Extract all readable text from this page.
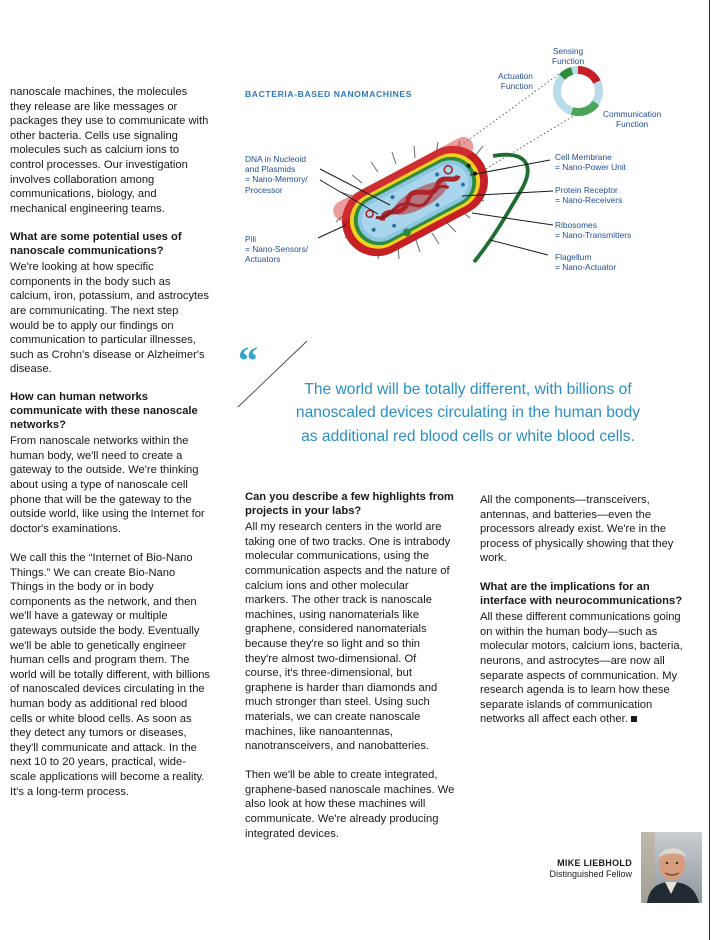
nanoscale machines, the molecules they release are like messages or packages they use to communicate with other bacteria. Cells use signaling molecules such as calcium ions to control processes. Our investigation involves collaboration among communications, biology, and mechanical engineering teams.

What are some potential uses of nanoscale communications?

We're looking at how specific components in the body such as calcium, iron, potassium, and astrocytes are communicating. The next step would be to apply our findings on communication to particular illnesses, such as Crohn's disease or Alzheimer's disease.

How can human networks communicate with these nanoscale networks?

From nanoscale networks within the human body, we'll need to create a gateway to the outside. We're thinking about using a type of nanoscale cell phone that will be the gateway to the outside world, like using the Internet for doctor's examinations.

We call this the “Internet of Bio-Nano Things.” We can create Bio-Nano Things in the body or in body components as the network, and then we'll have a gateway or multiple gateways outside the body. Eventually we'll be able to genetically engineer human cells and program them. The world will be totally different, with billions of nanoscaled devices circulating in the human body as additional red blood cells or white blood cells. As soon as they detect any tumors or diseases, they'll communicate and attack. In the next 10 to 20 years, practical, wide-scale applications will become a reality. It's a long-term process.

BACTERIA-BASED NANOMACHINES
Sensing
Function
Actuation
Function
Communication
Function
DNA in Nucleoid
and Plasmids
= Nano-Memory/
Processor
Pili
= Nano-Sensors/
Actuators
Cell Membrane
= Nano-Power Unit
Protein Receptor
= Nano-Receivers
Ribosomes
= Nano-Transmitters
Flagellum
= Nano-Actuator
“
The world will be totally different, with billions of
nanoscaled devices circulating in the human body
as additional red blood cells or white blood cells.
Can you describe a few highlights from projects in your labs?

All my research centers in the world are taking one of two tracks. One is intrabody molecular communications, using the communication aspects and the nature of calcium ions and other molecular markers. The other track is nanoscale machines, using nanomaterials like graphene, considered nanomaterials because they're so light and so thin they're almost two-dimensional. Of course, it's three-dimensional, but graphene is harder than diamonds and much stronger than steel. Using such materials, we can create nanoscale machines, like nanoantennas, nanotransceivers, and nanobatteries.

Then we'll be able to create integrated, graphene-based nanoscale machines. We also look at how these machines will communicate. We're already producing integrated devices.

All the components—transceivers, antennas, and batteries—even the processors already exist. We're in the process of physically showing that they work.

What are the implications for an interface with neurocommunications?

All these different communications going on within the human body—such as molecular motors, calcium ions, bacteria, neurons, and astrocytes—are now all separate aspects of communication. My research agenda is to learn how these separate islands of communication networks all affect each other.

MIKE LIEBHOLD
Distinguished Fellow
